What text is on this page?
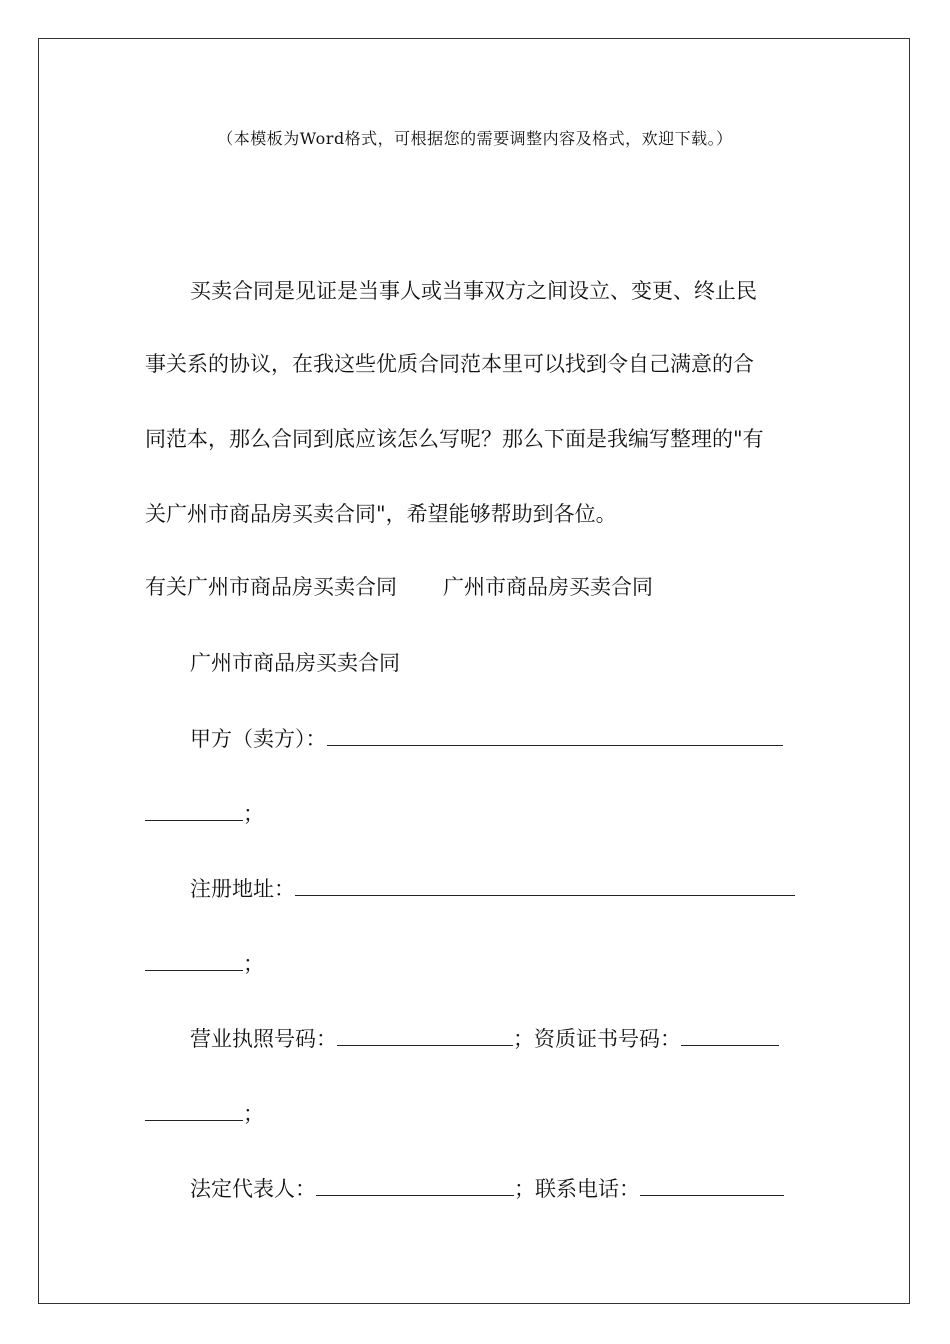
（本模板为Word格式，可根据您的需要调整内容及格式，欢迎下载。）
买卖合同是见证是当事人或当事双方之间设立、变更、终止民
事关系的协议，在我这些优质合同范本里可以找到令自己满意的合
同范本，那么合同到底应该怎么写呢？那么下面是我编写整理的"有
关广州市商品房买卖合同"，希望能够帮助到各位。
有关广州市商品房买卖合同 广州市商品房买卖合同
广州市商品房买卖合同
甲方（卖方）：
；
注册地址：
；
营业执照号码：	；资质证书号码：
；
法定代表人：	；联系电话：
